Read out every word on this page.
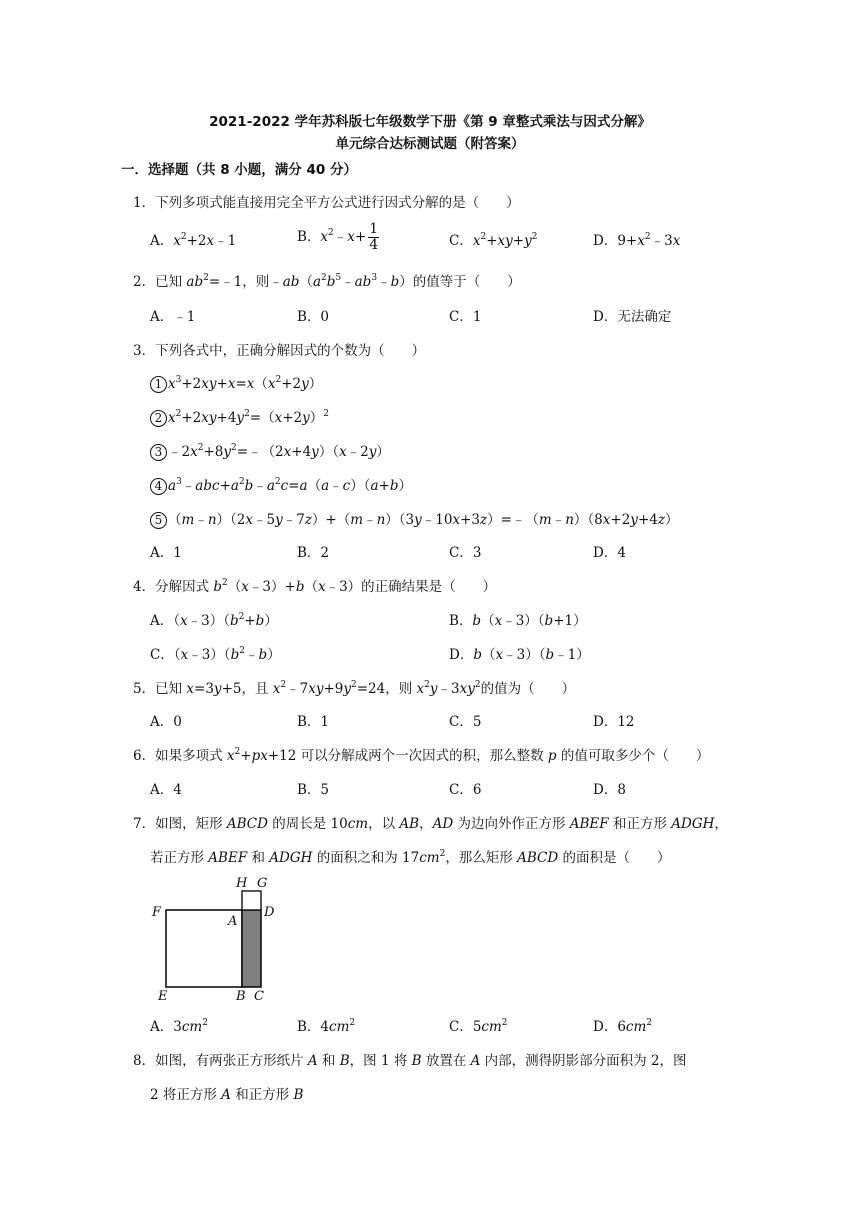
2021-2022 学年苏科版七年级数学下册《第 9 章整式乘法与因式分解》
单元综合达标测试题（附答案）
一．选择题（共 8 小题，满分 40 分）
1．下列多项式能直接用完全平方公式进行因式分解的是（　　）
A．$x^2+2x﹣1$	B．$x^2﹣x+ \frac{1}{4}$	C．$x^2+xy+y^2$	D．$9+x^2﹣3x$
2．已知 $ab^2=﹣1$，则$﹣ab(a^2b^5﹣ab^3﹣b)$的值等于（　　）
A．﹣1	B．0	C．1	D．无法确定
3．下列各式中，正确分解因式的个数为（　　）
1 $x^3+2xy+x=x(x^2+2y)$
2 $x^2+2xy+4y^2=(x+2y)^2$
3 $﹣2x^2+8y^2=﹣(2x+4y)(x﹣2y)$
4 $a^3﹣abc+a^2b﹣a^2c=a(a﹣c)(a+b)$
5 （m﹣n）（2x﹣5y﹣7z）+（m﹣n）（3y﹣10x+3z）=﹣（m﹣n）（8x+2y+4z）
A．1	B．2	C．3	D．4
4．分解因式 $b^2(x﹣3)+b(x﹣3)$的正确结果是（　　）
A．$(x﹣3)(b^2+b)$	B．b（x﹣3）（b+1）
C．$(x﹣3)(b^2﹣b)$	D．b（x﹣3）（b﹣1）
5．已知 x=3y+5，且 $x^2﹣7xy+9y^2=24$，则 $x^2y﹣3xy^2$的值为（　　）
A．0	B．1	C．5	D．12
6．如果多项式 $x^2+px+12$ 可以分解成两个一次因式的积，那么整数 p 的值可取多少个（　　）
A．4	B．5	C．6	D．8
7．如图，矩形 ABCD 的周长是 10cm，以 AB，AD 为边向外作正方形 ABEF 和正方形 ADGH，
若正方形 ABEF 和 ADGH 的面积之和为 $17cm^2$，那么矩形 ABCD 的面积是（　　）
H G
F
A
D
E	B C
A．$3cm^2$	B．$4cm^2$	C．$5cm^2$	D．$6cm^2$
8．如图，有两张正方形纸片 A 和 B，图 1 将 B 放置在 A 内部，测得阴影部分面积为 2，图
2 将正方形 A 和正方形 B
